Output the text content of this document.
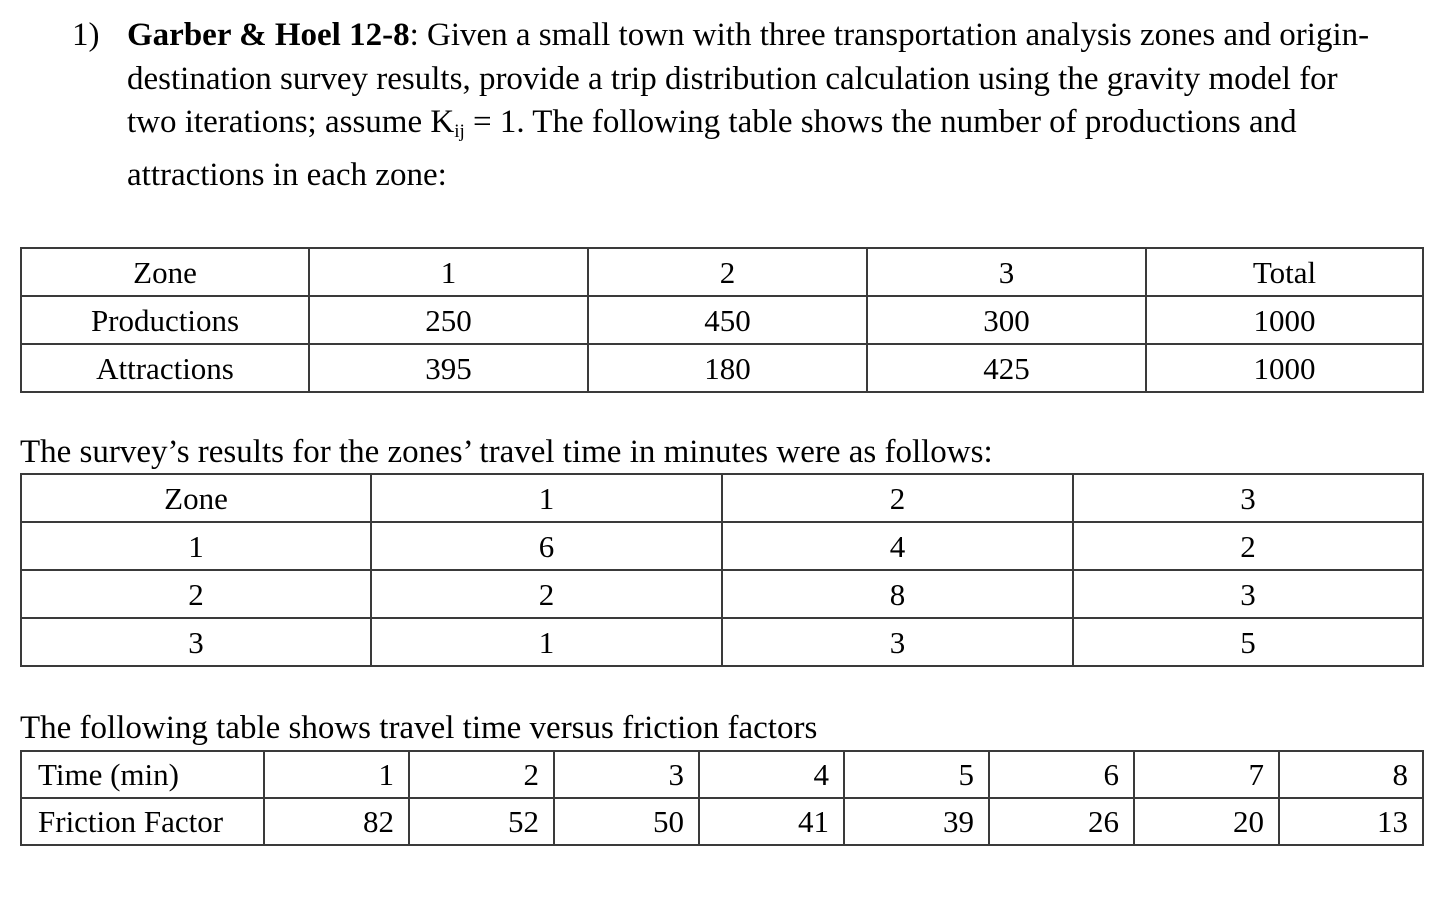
1) Garber & Hoel 12-8: Given a small town with three transportation analysis zones and origin-destination survey results, provide a trip distribution calculation using the gravity model for two iterations; assume $K_{ij} = 1$. The following table shows the number of productions and attractions in each zone:
Zone	1	2	3	Total
Productions	250	450	300	1000
Attractions	395	180	425	1000
The survey’s results for the zones’ travel time in minutes were as follows:
Zone	1	2	3
1	6	4	2
2	2	8	3
3	1	3	5
The following table shows travel time versus friction factors
Time (min)	1	2	3	4	5	6	7	8
Friction Factor	82	52	50	41	39	26	20	13
